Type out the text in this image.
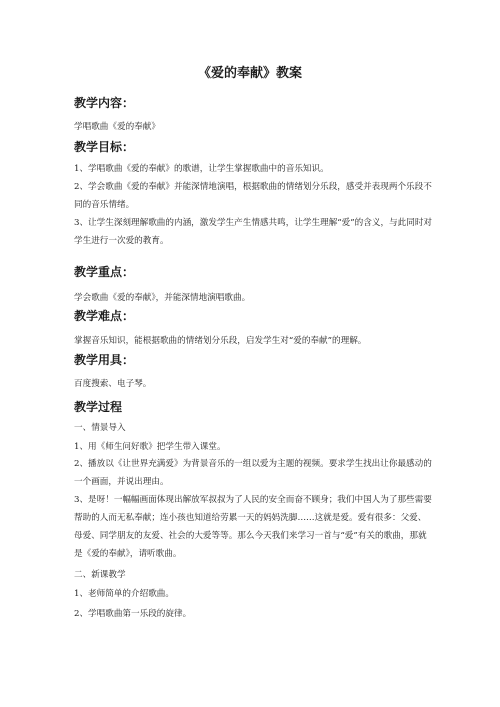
《爱的奉献》教案
教学内容：
学唱歌曲《爱的奉献》
教学目标：
1、学唱歌曲《爱的奉献》的歌谱，让学生掌握歌曲中的音乐知识。
2、学会歌曲《爱的奉献》并能深情地演唱，根据歌曲的情绪划分乐段，感受并表现两个乐段不同的音乐情绪。
3、让学生深刻理解歌曲的内涵，激发学生产生情感共鸣，让学生理解“爱”的含义，与此同时对学生进行一次爱的教育。
教学重点：
学会歌曲《爱的奉献》，并能深情地演唱歌曲。
教学难点：
掌握音乐知识，能根据歌曲的情绪划分乐段，启发学生对“爱的奉献”的理解。
教学用具：
百度搜索、电子琴。
教学过程
一、情景导入
1、用《师生问好歌》把学生带入课堂。
2、播放以《让世界充满爱》为背景音乐的一组以爱为主题的视频。要求学生找出让你最感动的一个画面，并说出理由。
3、是呀！一幅幅画面体现出解放军叔叔为了人民的安全而奋不顾身；我们中国人为了那些需要帮助的人而无私奉献；连小孩也知道给劳累一天的妈妈洗脚……这就是爱。爱有很多：父爱、母爱、同学朋友的友爱、社会的大爱等等。那么今天我们来学习一首与“爱”有关的歌曲，那就是《爱的奉献》，请听歌曲。
二、新课教学
1、老师简单的介绍歌曲。
2、学唱歌曲第一乐段的旋律。
